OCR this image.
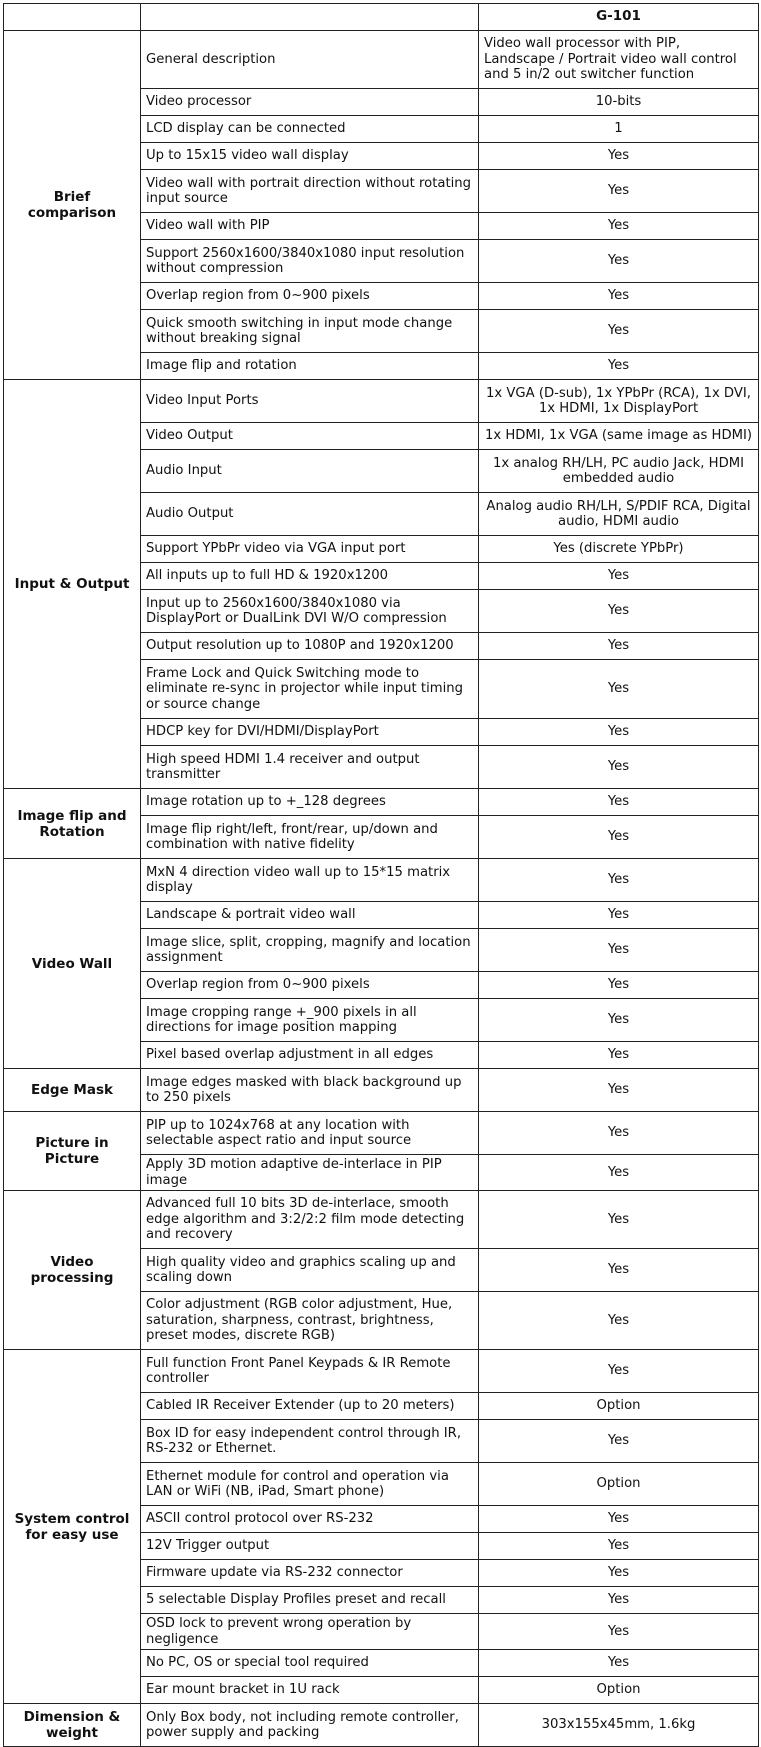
		G-101
Brief comparison	General description	Video wall processor with PIP, Landscape / Portrait video wall control and 5 in/2 out switcher function
	Video processor	10-bits
	LCD display can be connected	1
	Up to 15x15 video wall display	Yes
	Video wall with portrait direction without rotating input source	Yes
	Video wall with PIP	Yes
	Support 2560x1600/3840x1080 input resolution without compression	Yes
	Overlap region from 0~900 pixels	Yes
	Quick smooth switching in input mode change without breaking signal	Yes
	Image flip and rotation	Yes
Input & Output	Video Input Ports	1x VGA (D-sub), 1x YPbPr (RCA), 1x DVI, 1x HDMI, 1x DisplayPort
	Video Output	1x HDMI, 1x VGA (same image as HDMI)
	Audio Input	1x analog RH/LH, PC audio Jack, HDMI embedded audio
	Audio Output	Analog audio RH/LH, S/PDIF RCA, Digital audio, HDMI audio
	Support YPbPr video via VGA input port	Yes (discrete YPbPr)
	All inputs up to full HD & 1920x1200	Yes
	Input up to 2560x1600/3840x1080 via DisplayPort or DualLink DVI W/O compression	Yes
	Output resolution up to 1080P and 1920x1200	Yes
	Frame Lock and Quick Switching mode to eliminate re-sync in projector while input timing or source change	Yes
	HDCP key for DVI/HDMI/DisplayPort	Yes
	High speed HDMI 1.4 receiver and output transmitter	Yes
Image flip and Rotation	Image rotation up to +_128 degrees	Yes
	Image flip right/left, front/rear, up/down and combination with native fidelity	Yes
Video Wall	MxN 4 direction video wall up to 15*15 matrix display	Yes
	Landscape & portrait video wall	Yes
	Image slice, split, cropping, magnify and location assignment	Yes
	Overlap region from 0~900 pixels	Yes
	Image cropping range +_900 pixels in all directions for image position mapping	Yes
	Pixel based overlap adjustment in all edges	Yes
Edge Mask	Image edges masked with black background up to 250 pixels	Yes
Picture in Picture	PIP up to 1024x768 at any location with selectable aspect ratio and input source	Yes
	Apply 3D motion adaptive de-interlace in PIP image	Yes
Video processing	Advanced full 10 bits 3D de-interlace, smooth edge algorithm and 3:2/2:2 film mode detecting and recovery	Yes
	High quality video and graphics scaling up and scaling down	Yes
	Color adjustment (RGB color adjustment, Hue, saturation, sharpness, contrast, brightness, preset modes, discrete RGB)	Yes
System control for easy use	Full function Front Panel Keypads & IR Remote controller	Yes
	Cabled IR Receiver Extender (up to 20 meters)	Option
	Box ID for easy independent control through IR, RS-232 or Ethernet.	Yes
	Ethernet module for control and operation via LAN or WiFi (NB, iPad, Smart phone)	Option
	ASCII control protocol over RS-232	Yes
	12V Trigger output	Yes
	Firmware update via RS-232 connector	Yes
	5 selectable Display Profiles preset and recall	Yes
	OSD lock to prevent wrong operation by negligence	Yes
	No PC, OS or special tool required	Yes
	Ear mount bracket in 1U rack	Option
Dimension & weight	Only Box body, not including remote controller, power supply and packing	303x155x45mm, 1.6kg
